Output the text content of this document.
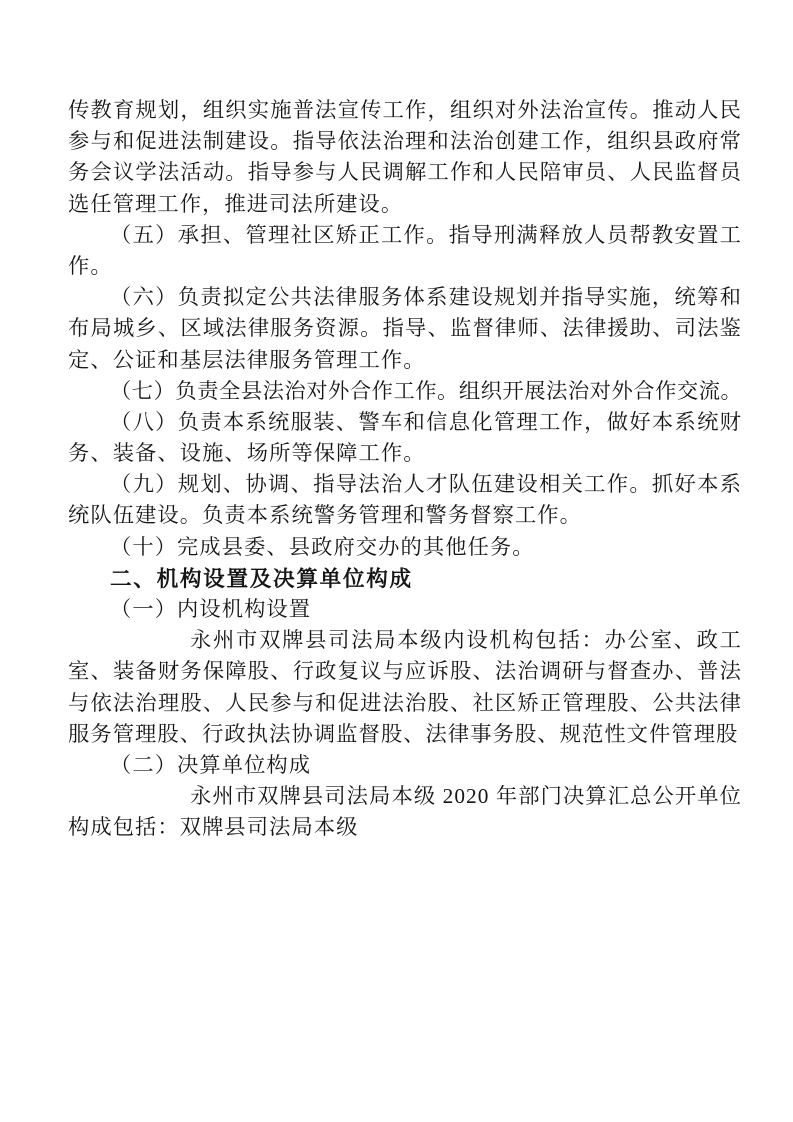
传教育规划，组织实施普法宣传工作，组织对外法治宣传。推动人民
参与和促进法制建设。指导依法治理和法治创建工作，组织县政府常
务会议学法活动。指导参与人民调解工作和人民陪审员、人民监督员
选任管理工作，推进司法所建设。
（五）承担、管理社区矫正工作。指导刑满释放人员帮教安置工
作。
（六）负责拟定公共法律服务体系建设规划并指导实施，统筹和
布局城乡、区域法律服务资源。指导、监督律师、法律援助、司法鉴
定、公证和基层法律服务管理工作。
（七）负责全县法治对外合作工作。组织开展法治对外合作交流。
（八）负责本系统服装、警车和信息化管理工作，做好本系统财
务、装备、设施、场所等保障工作。
（九）规划、协调、指导法治人才队伍建设相关工作。抓好本系
统队伍建设。负责本系统警务管理和警务督察工作。
（十）完成县委、县政府交办的其他任务。
二、机构设置及决算单位构成
（一）内设机构设置
永州市双牌县司法局本级内设机构包括：办公室、政工
室、装备财务保障股、行政复议与应诉股、法治调研与督查办、普法
与依法治理股、人民参与和促进法治股、社区矫正管理股、公共法律
服务管理股、行政执法协调监督股、法律事务股、规范性文件管理股
（二）决算单位构成
永州市双牌县司法局本级 2020 年部门决算汇总公开单位
构成包括：双牌县司法局本级
